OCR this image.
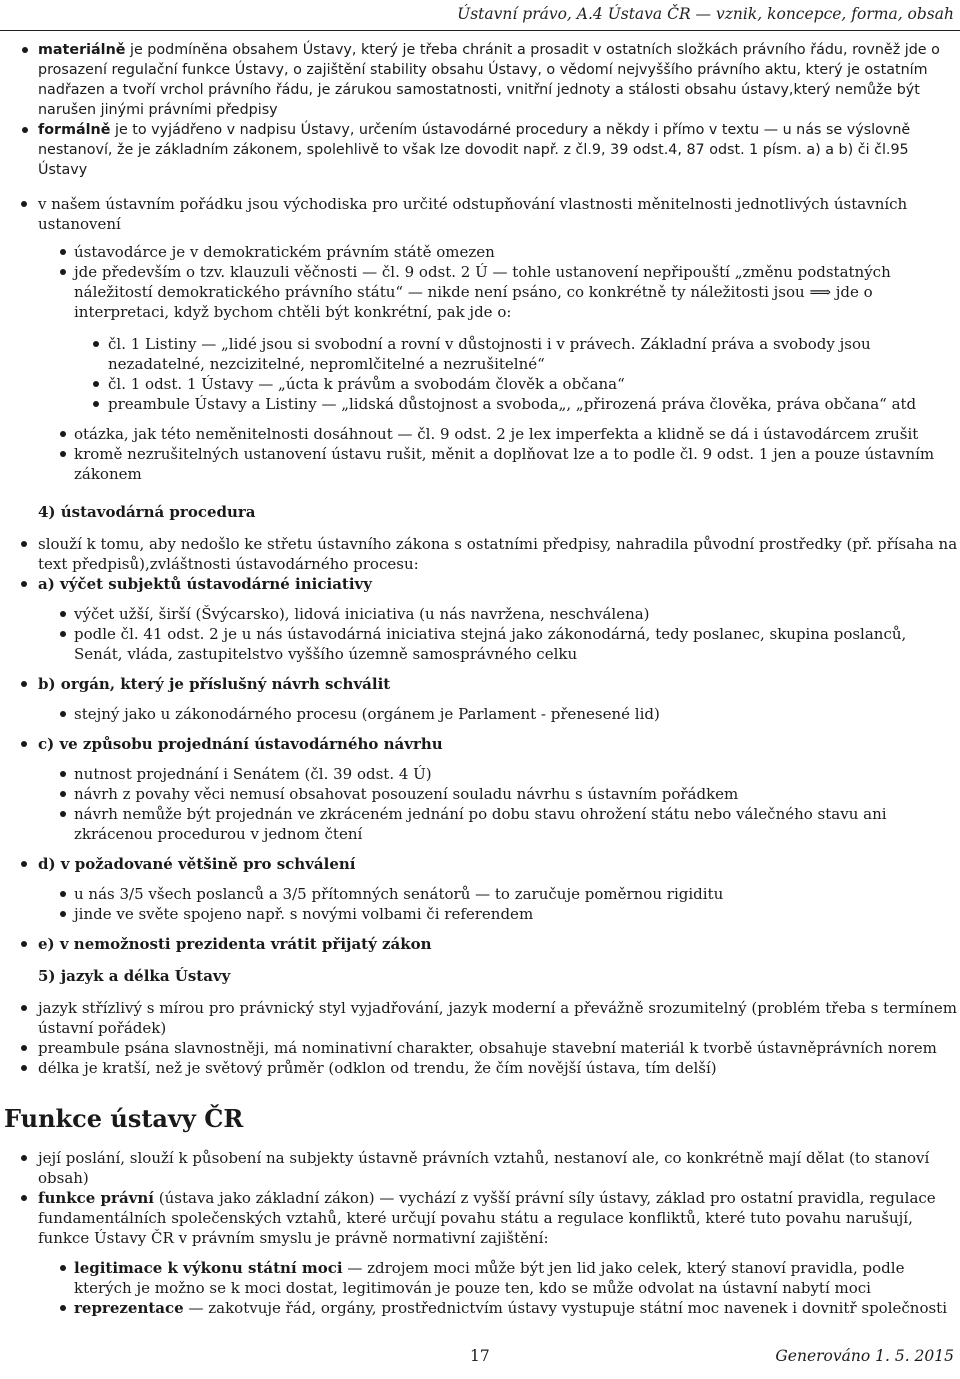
Ústavní právo, A.4 Ústava ČR — vznik, koncepce, forma, obsah
materiálně je podmíněna obsahem Ústavy, který je třeba chránit a prosadit v ostatních složkách právního řádu, rovněž jde o prosazení regulační funkce Ústavy, o zajištění stability obsahu Ústavy, o vědomí nejvyššího právního aktu, který je ostatním nadřazen a tvoří vrchol právního řádu, je zárukou samostatnosti, vnitřní jednoty a stálosti obsahu ústavy,který nemůže být narušen jinými právními předpisy
formálně je to vyjádřeno v nadpisu Ústavy, určením ústavodárné procedury a někdy i přímo v textu — u nás se výslovně nestanoví, že je základním zákonem, spolehlivě to však lze dovodit např. z čl.9, 39 odst.4, 87 odst. 1 písm. a) a b) či čl.95 Ústavy
v našem ústavním pořádku jsou východiska pro určité odstupňování vlastnosti měnitelnosti jednotlivých ústavních ustanovení
ústavodárce je v demokratickém právním státě omezen
jde především o tzv. klauzuli věčnosti — čl. 9 odst. 2 Ú — tohle ustanovení nepřipouští „změnu podstatných náležitostí demokratického právního státu“ — nikde není psáno, co konkrétně ty náležitosti jsou ⟹ jde o interpretaci, když bychom chtěli být konkrétní, pak jde o:
čl. 1 Listiny — „lidé jsou si svobodní a rovní v důstojnosti i v právech. Základní práva a svobody jsou nezadatelné, nezcizitelné, nepromlčitelné a nezrušitelné“
čl. 1 odst. 1 Ústavy — „úcta k právům a svobodám člověk a občana“
preambule Ústavy a Listiny — „lidská důstojnost a svoboda„, „přirozená práva člověka, práva občana“ atd
otázka, jak této neměnitelnosti dosáhnout — čl. 9 odst. 2 je lex imperfekta a klidně se dá i ústavodárcem zrušit
kromě nezrušitelných ustanovení ústavu rušit, měnit a doplňovat lze a to podle čl. 9 odst. 1 jen a pouze ústavním zákonem
4) ústavodárná procedura
slouží k tomu, aby nedošlo ke střetu ústavního zákona s ostatními předpisy, nahradila původní prostředky (př. přísaha na text předpisů),zvláštnosti ústavodárného procesu:
a) výčet subjektů ústavodárné iniciativy
výčet užší, širší (Švýcarsko), lidová iniciativa (u nás navržena, neschválena)
podle čl. 41 odst. 2 je u nás ústavodárná iniciativa stejná jako zákonodárná, tedy poslanec, skupina poslanců, Senát, vláda, zastupitelstvo vyššího územně samosprávného celku
b) orgán, který je příslušný návrh schválit
stejný jako u zákonodárného procesu (orgánem je Parlament - přenesené lid)
c) ve způsobu projednání ústavodárného návrhu
nutnost projednání i Senátem (čl. 39 odst. 4 Ú)
návrh z povahy věci nemusí obsahovat posouzení souladu návrhu s ústavním pořádkem
návrh nemůže být projednán ve zkráceném jednání po dobu stavu ohrožení státu nebo válečného stavu ani zkrácenou procedurou v jednom čtení
d) v požadované většině pro schválení
u nás 3/5 všech poslanců a 3/5 přítomných senátorů — to zaručuje poměrnou rigiditu
jinde ve světe spojeno např. s novými volbami či referendem
e) v nemožnosti prezidenta vrátit přijatý zákon
5) jazyk a délka Ústavy
jazyk střízlivý s mírou pro právnický styl vyjadřování, jazyk moderní a převážně srozumitelný (problém třeba s termínem ústavní pořádek)
preambule psána slavnostněji, má nominativní charakter, obsahuje stavební materiál k tvorbě ústavněprávních norem
délka je kratší, než je světový průměr (odklon od trendu, že čím novější ústava, tím delší)
Funkce ústavy ČR
její poslání, slouží k působení na subjekty ústavně právních vztahů, nestanoví ale, co konkrétně mají dělat (to stanoví obsah)
funkce právní (ústava jako základní zákon) — vychází z vyšší právní síly ústavy, základ pro ostatní pravidla, regulace fundamentálních společenských vztahů, které určují povahu státu a regulace konfliktů, které tuto povahu narušují, funkce Ústavy ČR v právním smyslu je právně normativní zajištění:
legitimace k výkonu státní moci — zdrojem moci může být jen lid jako celek, který stanoví pravidla, podle kterých je možno se k moci dostat, legitimován je pouze ten, kdo se může odvolat na ústavní nabytí moci
reprezentace — zakotvuje řád, orgány, prostřednictvím ústavy vystupuje státní moc navenek i dovnitř společnosti
17	Generováno 1. 5. 2015
